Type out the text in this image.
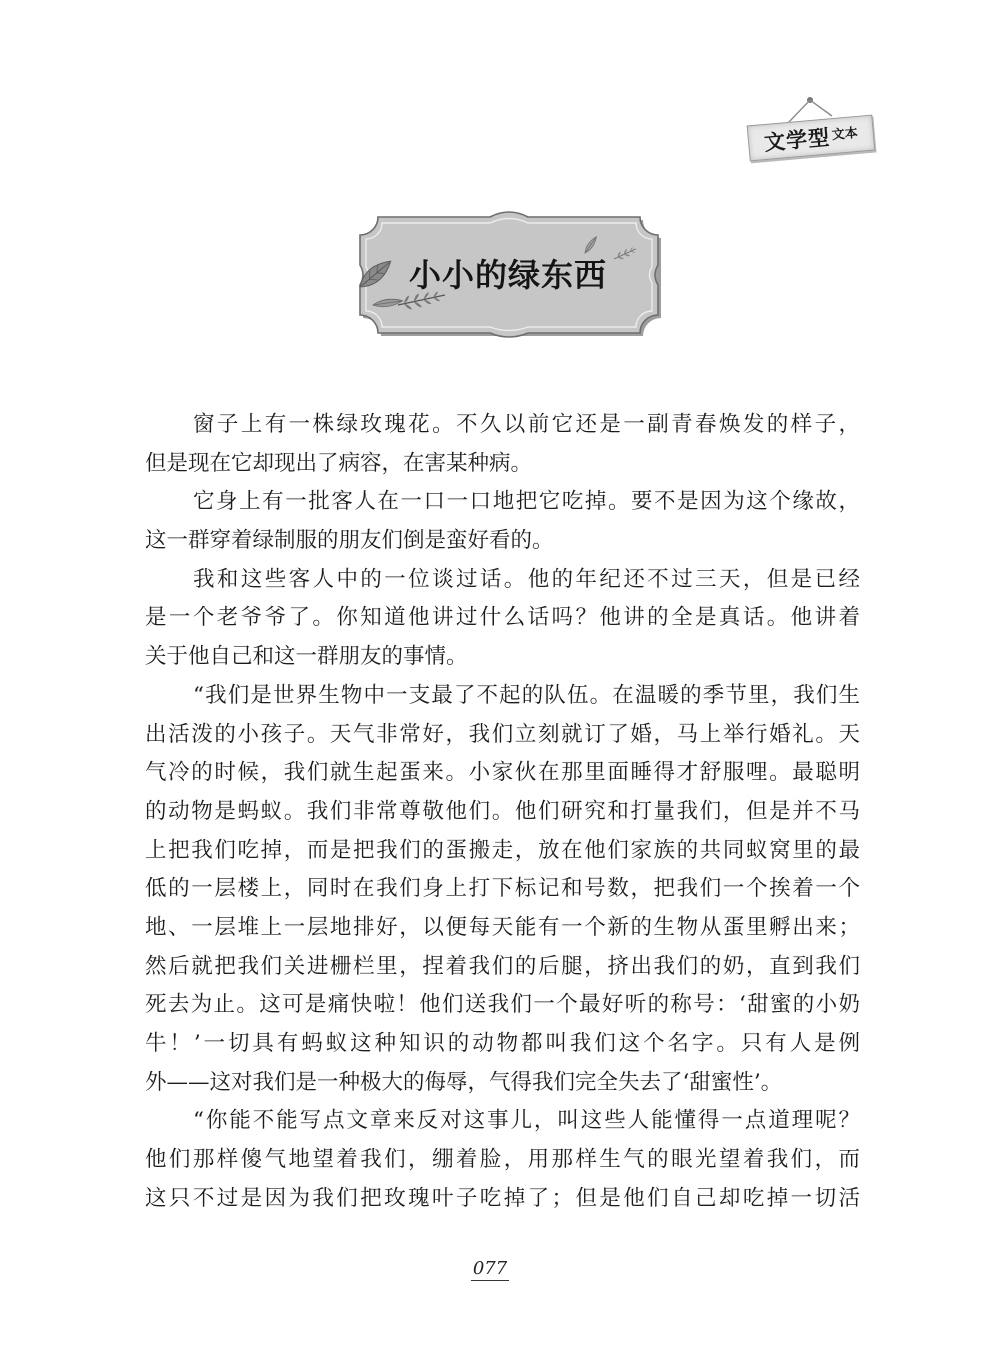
文学型 文本
小小的绿东西
窗子上有一株绿玫瑰花。不久以前它还是一副青春焕发的样子，
但是现在它却现出了病容，在害某种病。
它身上有一批客人在一口一口地把它吃掉。要不是因为这个缘故，
这一群穿着绿制服的朋友们倒是蛮好看的。
我和这些客人中的一位谈过话。他的年纪还不过三天，但是已经
是一个老爷爷了。你知道他讲过什么话吗？他讲的全是真话。他讲着
关于他自己和这一群朋友的事情。
“我们是世界生物中一支最了不起的队伍。在温暖的季节里，我们生
出活泼的小孩子。天气非常好，我们立刻就订了婚，马上举行婚礼。天
气冷的时候，我们就生起蛋来。小家伙在那里面睡得才舒服哩。最聪明
的动物是蚂蚁。我们非常尊敬他们。他们研究和打量我们，但是并不马
上把我们吃掉，而是把我们的蛋搬走，放在他们家族的共同蚁窝里的最
低的一层楼上，同时在我们身上打下标记和号数，把我们一个挨着一个
地、一层堆上一层地排好，以便每天能有一个新的生物从蛋里孵出来；
然后就把我们关进栅栏里，捏着我们的后腿，挤出我们的奶，直到我们
死去为止。这可是痛快啦！他们送我们一个最好听的称号：‘甜蜜的小奶
牛！’一切具有蚂蚁这种知识的动物都叫我们这个名字。只有人是例
外——这对我们是一种极大的侮辱，气得我们完全失去了‘甜蜜性’。
“你能不能写点文章来反对这事儿，叫这些人能懂得一点道理呢？
他们那样傻气地望着我们，绷着脸，用那样生气的眼光望着我们，而
这只不过是因为我们把玫瑰叶子吃掉了；但是他们自己却吃掉一切活
077
